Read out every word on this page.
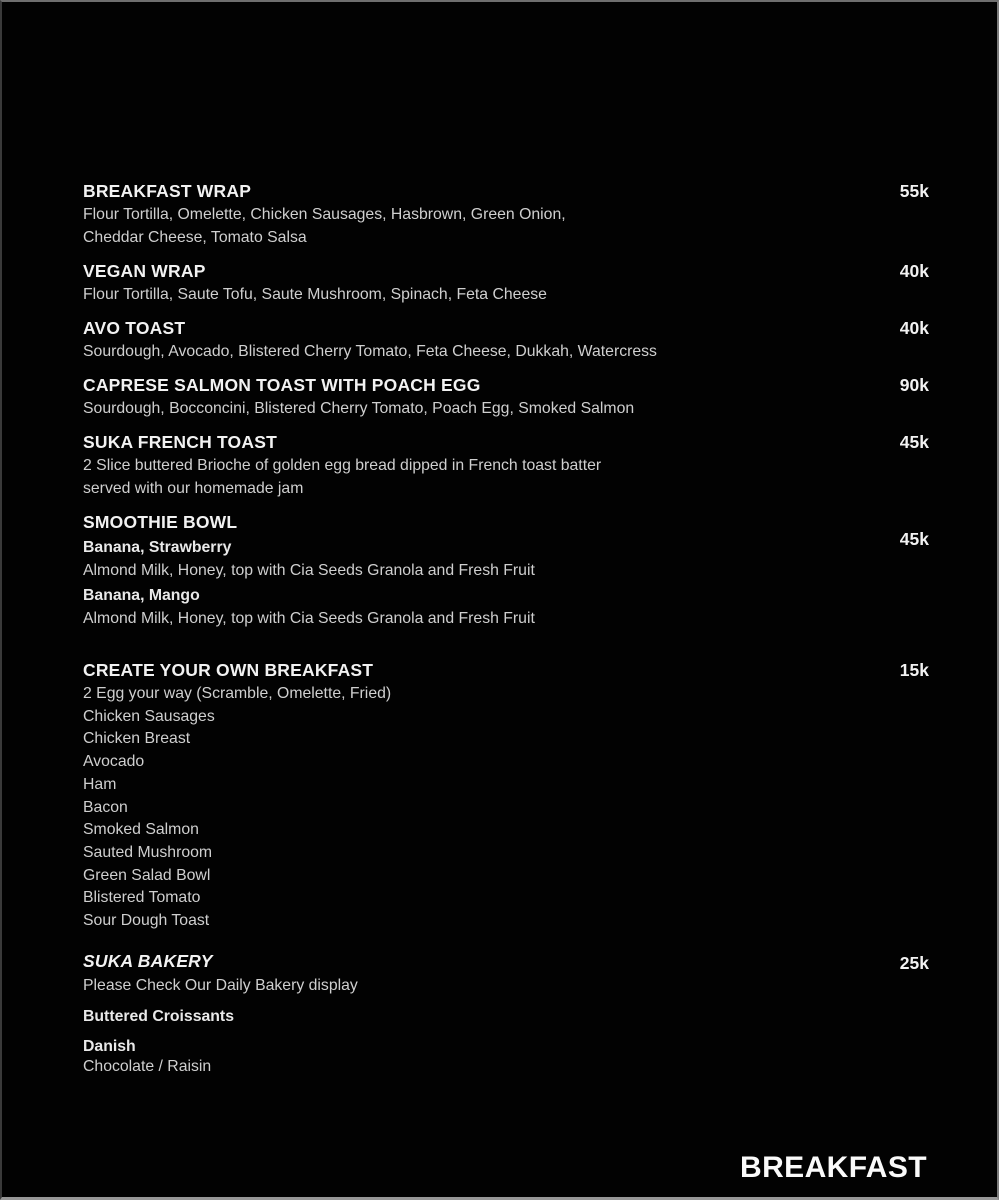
BREAKFAST WRAP	55k

Flour Tortilla, Omelette, Chicken Sausages, Hasbrown, Green Onion,

Cheddar Cheese, Tomato Salsa

VEGAN WRAP	40k

Flour Tortilla, Saute Tofu, Saute Mushroom, Spinach, Feta Cheese

AVO TOAST	40k

Sourdough, Avocado, Blistered Cherry Tomato, Feta Cheese, Dukkah, Watercress

CAPRESE SALMON TOAST WITH POACH EGG	90k

Sourdough, Bocconcini, Blistered Cherry Tomato, Poach Egg, Smoked Salmon

SUKA FRENCH TOAST	45k

2 Slice buttered Brioche of golden egg bread dipped in French toast batter

served with our homemade jam

SMOOTHIE BOWL

Banana, Strawberry	45k

Almond Milk, Honey, top with Cia Seeds Granola and Fresh Fruit

Banana, Mango

Almond Milk, Honey, top with Cia Seeds Granola and Fresh Fruit

CREATE YOUR OWN BREAKFAST	15k

2 Egg your way (Scramble, Omelette, Fried)

Chicken Sausages

Chicken Breast

Avocado

Ham

Bacon

Smoked Salmon

Sauted Mushroom

Green Salad Bowl

Blistered Tomato

Sour Dough Toast

SUKA BAKERY	25k

Please Check Our Daily Bakery display

Buttered Croissants

Danish

Chocolate / Raisin

BREAKFAST
